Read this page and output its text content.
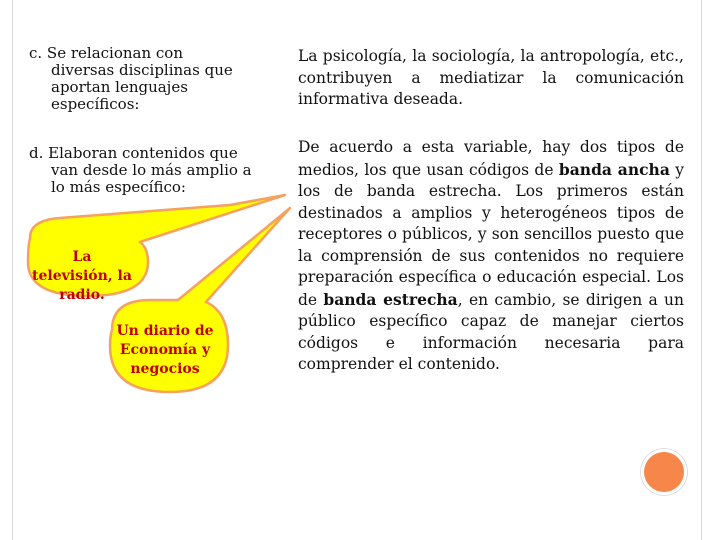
c. Se relacionan con
diversas disciplinas que aportan lenguajes específicos:
d. Elaboran contenidos que
van desde lo más amplio a lo más específico:
La psicología, la sociología, la antropología, etc., contribuyen a mediatizar la comunicación informativa deseada.
De acuerdo a esta variable, hay dos tipos de medios, los que usan códigos de banda ancha y los de banda estrecha. Los primeros están destinados a amplios y heterogéneos tipos de receptores o públicos, y son sencillos puesto que la comprensión de sus contenidos no requiere preparación específica o educación especial. Los de banda estrecha, en cambio, se dirigen a un público específico capaz de manejar ciertos códigos e información necesaria para comprender el contenido.
La televisión, la radio.
Un diario de Economía y negocios
